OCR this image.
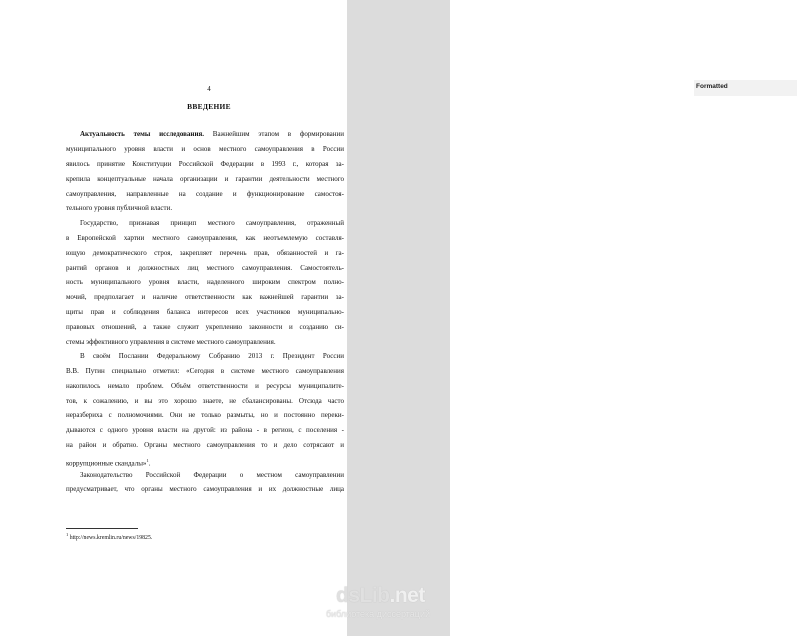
Formatted
4
ВВЕДЕНИЕ
Актуальность темы исследования. Важнейшим этапом в формировании
муниципального уровня власти и основ местного самоуправления в России
явилось принятие Конституции Российской Федерации в 1993 г., которая за-
крепила концептуальные начала организации и гарантии деятельности местного
самоуправления, направленные на создание и функционирование самостоя-
тельного уровня публичной власти.
Государство, признавая принцип местного самоуправления, отраженный
в Европейской хартии местного самоуправления, как неотъемлемую составля-
ющую демократического строя, закрепляет перечень прав, обязанностей и га-
рантий органов и должностных лиц местного самоуправления. Самостоятель-
ность муниципального уровня власти, наделенного широким спектром полно-
мочий, предполагает и наличие ответственности как важнейшей гарантии за-
щиты прав и соблюдения баланса интересов всех участников муниципально-
правовых отношений, а также служит укреплению законности и созданию си-
стемы эффективного управления в системе местного самоуправления.
В своём Послании Федеральному Собранию 2013 г. Президент России
В.В. Путин специально отметил: «Сегодня в системе местного самоуправления
накопилось немало проблем. Объём ответственности и ресурсы муниципалите-
тов, к сожалению, и вы это хорошо знаете, не сбалансированы. Отсюда часто
неразбериха с полномочиями. Они не только размыты, но и постоянно переки-
дываются с одного уровня власти на другой: из района - в регион, с поселения -
на район и обратно. Органы местного самоуправления то и дело сотрясают и
коррупционные скандалы»$^1$.
Законодательство Российской Федерации о местном самоуправлении
предусматривает, что органы местного самоуправления и их должностные лица
$^1$ http://news.kremlin.ru/news/19825.
dsLib.net
библиотека диссертаций
